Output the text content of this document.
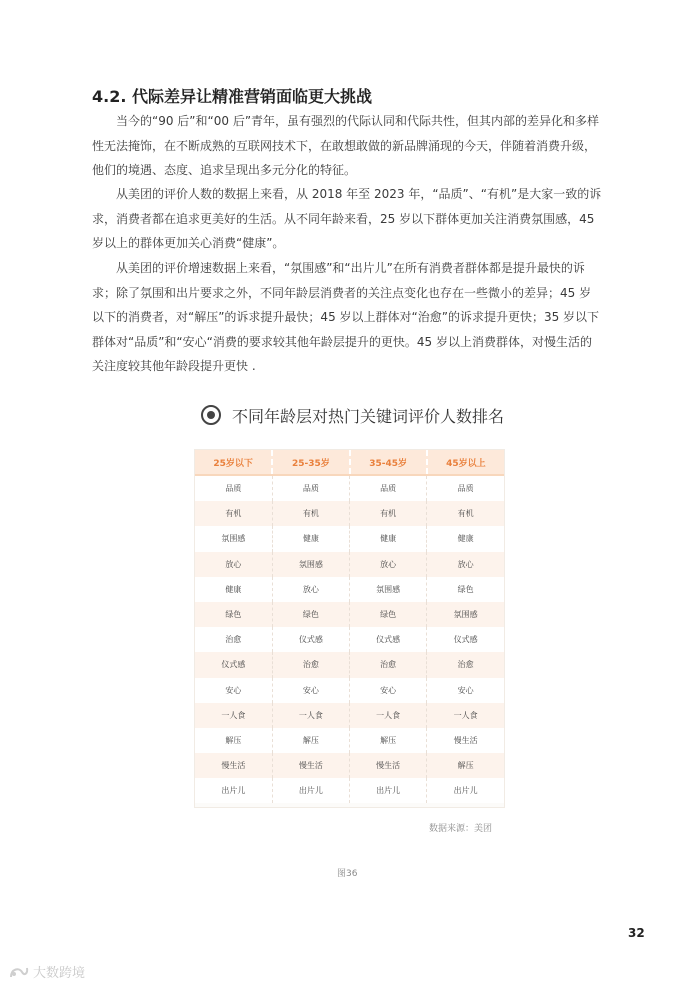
4.2. 代际差异让精准营销面临更大挑战

当今的“90 后”和“00 后”青年，虽有强烈的代际认同和代际共性，但其内部的差异化和多样性无法掩饰，在不断成熟的互联网技术下，在敢想敢做的新品牌涌现的今天，伴随着消费升级，他们的境遇、态度、追求呈现出多元分化的特征。

从美团的评价人数的数据上来看，从 2018 年至 2023 年，“品质”、“有机”是大家一致的诉求，消费者都在追求更美好的生活。从不同年龄来看，25 岁以下群体更加关注消费氛围感，45 岁以上的群体更加关心消费“健康”。

从美团的评价增速数据上来看，“氛围感”和“出片儿”在所有消费者群体都是提升最快的诉求；除了氛围和出片要求之外，不同年龄层消费者的关注点变化也存在一些微小的差异；45 岁以下的消费者，对“解压”的诉求提升最快；45 岁以上群体对“治愈”的诉求提升更快；35 岁以下群体对“品质”和“安心“消费的要求较其他年龄层提升的更快。45 岁以上消费群体，对慢生活的关注度较其他年龄段提升更快 .

不同年龄层对热门关键词评价人数排名
25岁以下	25-35岁	35-45岁	45岁以上
品质	品质	品质	品质
有机	有机	有机	有机
氛围感	健康	健康	健康
放心	氛围感	放心	放心
健康	放心	氛围感	绿色
绿色	绿色	绿色	氛围感
治愈	仪式感	仪式感	仪式感
仪式感	治愈	治愈	治愈
安心	安心	安心	安心
一人食	一人食	一人食	一人食
解压	解压	解压	慢生活
慢生活	慢生活	慢生活	解压
出片儿	出片儿	出片儿	出片儿
数据来源：美团
图36
32
大数跨境
